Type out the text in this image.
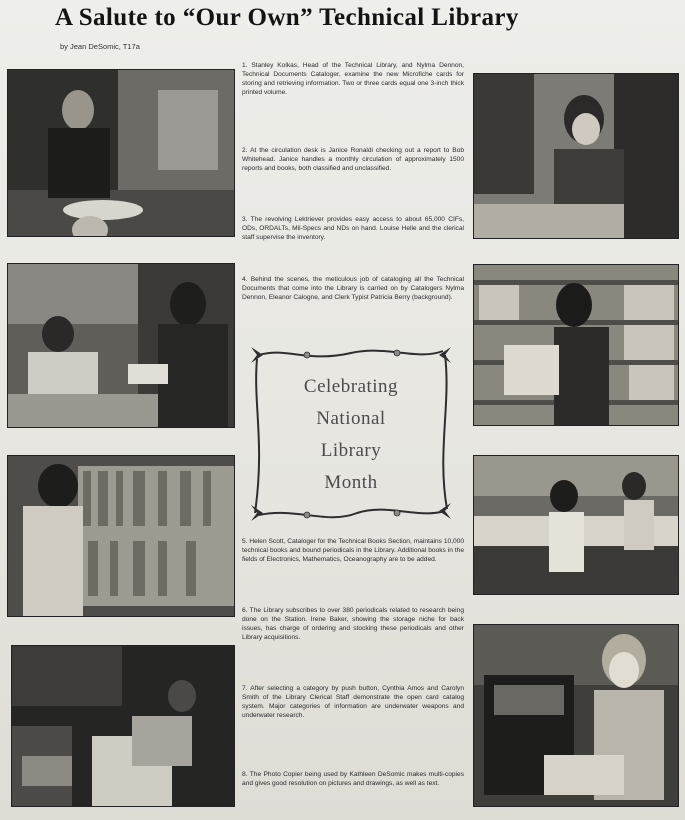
A Salute to “Our Own” Technical Library
by Jean DeSomic, T17a
1. Stanley Kolkas, Head of the Technical Library, and Nylma Dennon, Technical Documents Cataloger, examine the new Microfiche cards for storing and retrieving information. Two or three cards equal one 3-inch thick printed volume.
2. At the circulation desk is Janice Ronaldi checking out a report to Bob Whitehead. Janice handles a monthly circulation of approximately 1500 reports and books, both classified and unclassified.
3. The revolving Lektriever provides easy access to about 65,000 CIFs, ODs, ORDALTs, Mil-Specs and NDs on hand. Louise Helle and the clerical staff supervise the inventory.
4. Behind the scenes, the meticulous job of cataloging all the Technical Documents that come into the Library is carried on by Catalogers Nylma Dennon, Eleanor Calogne, and Clerk Typist Patricia Berry (background).
Celebrating
National
Library
Month
5. Helen Scott, Cataloger for the Technical Books Section, maintains 10,000 technical books and bound periodicals in the Library. Additional books in the fields of Electronics, Mathematics, Oceanography are to be added.
6. The Library subscribes to over 380 periodicals related to research being done on the Station. Irene Baker, showing the storage niche for back issues, has charge of ordering and stocking these periodicals and other Library acquisitions.
7. After selecting a category by push button, Cynthia Amos and Carolyn Smith of the Library Clerical Staff demonstrate the open card catalog system. Major categories of information are underwater weapons and underwater research.
8. The Photo Copier being used by Kathleen DeSomic makes multi-copies and gives good resolution on pictures and drawings, as well as text.
